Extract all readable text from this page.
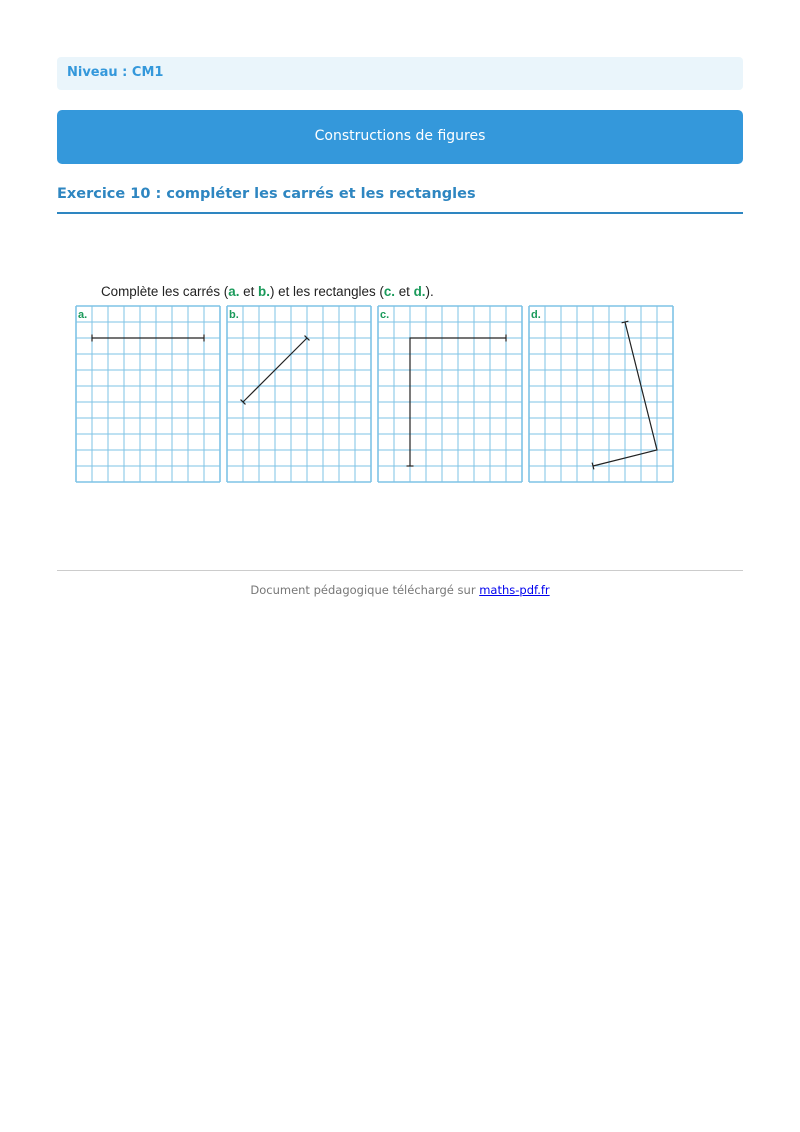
Niveau : CM1
Constructions de figures
Exercice 10 : compléter les carrés et les rectangles
Complète les carrés (a. et b.) et les rectangles (c. et d.).
a.	b.	c.	d.
Document pédagogique téléchargé sur maths-pdf.fr
